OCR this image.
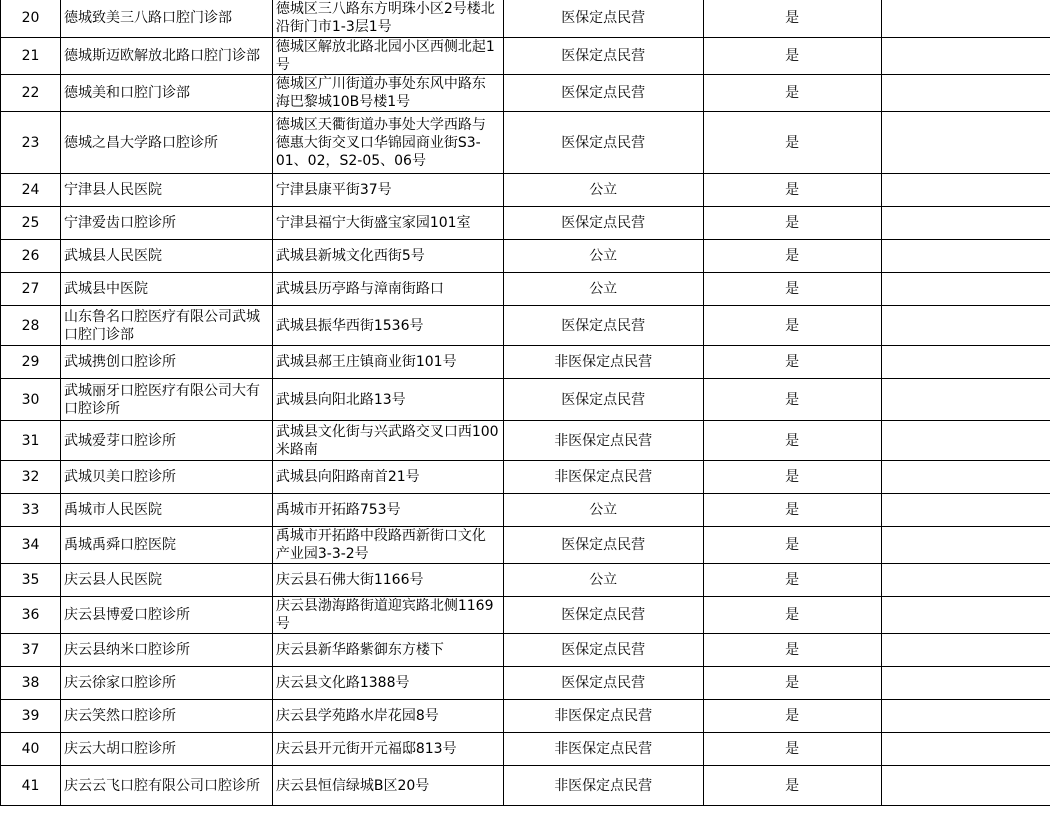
20	德城致美三八路口腔门诊部	德城区三八路东方明珠小区2号楼北沿街门市1-3层1号	医保定点民营	是	
21	德城斯迈欧解放北路口腔门诊部	德城区解放北路北园小区西侧北起1号	医保定点民营	是	
22	德城美和口腔门诊部	德城区广川街道办事处东风中路东海巴黎城10B号楼1号	医保定点民营	是	
23	德城之昌大学路口腔诊所	德城区天衢街道办事处大学西路与德惠大街交叉口华锦园商业街S3-01、02，S2-05、06号	医保定点民营	是	
24	宁津县人民医院	宁津县康平街37号	公立	是	
25	宁津爱齿口腔诊所	宁津县福宁大街盛宝家园101室	医保定点民营	是	
26	武城县人民医院	武城县新城文化西街5号	公立	是	
27	武城县中医院	武城县历亭路与漳南街路口	公立	是	
28	山东鲁名口腔医疗有限公司武城口腔门诊部	武城县振华西街1536号	医保定点民营	是	
29	武城携创口腔诊所	武城县郝王庄镇商业街101号	非医保定点民营	是	
30	武城丽牙口腔医疗有限公司大有口腔诊所	武城县向阳北路13号	医保定点民营	是	
31	武城爱芽口腔诊所	武城县文化街与兴武路交叉口西100米路南	非医保定点民营	是	
32	武城贝美口腔诊所	武城县向阳路南首21号	非医保定点民营	是	
33	禹城市人民医院	禹城市开拓路753号	公立	是	
34	禹城禹舜口腔医院	禹城市开拓路中段路西新街口文化产业园3-3-2号	医保定点民营	是	
35	庆云县人民医院	庆云县石佛大街1166号	公立	是	
36	庆云县博爱口腔诊所	庆云县渤海路街道迎宾路北侧1169号	医保定点民营	是	
37	庆云县纳米口腔诊所	庆云县新华路紫御东方楼下	医保定点民营	是	
38	庆云徐家口腔诊所	庆云县文化路1388号	医保定点民营	是	
39	庆云笑然口腔诊所	庆云县学苑路水岸花园8号	非医保定点民营	是	
40	庆云大胡口腔诊所	庆云县开元街开元福邸813号	非医保定点民营	是	
41	庆云云飞口腔有限公司口腔诊所	庆云县恒信绿城B区20号	非医保定点民营	是	
